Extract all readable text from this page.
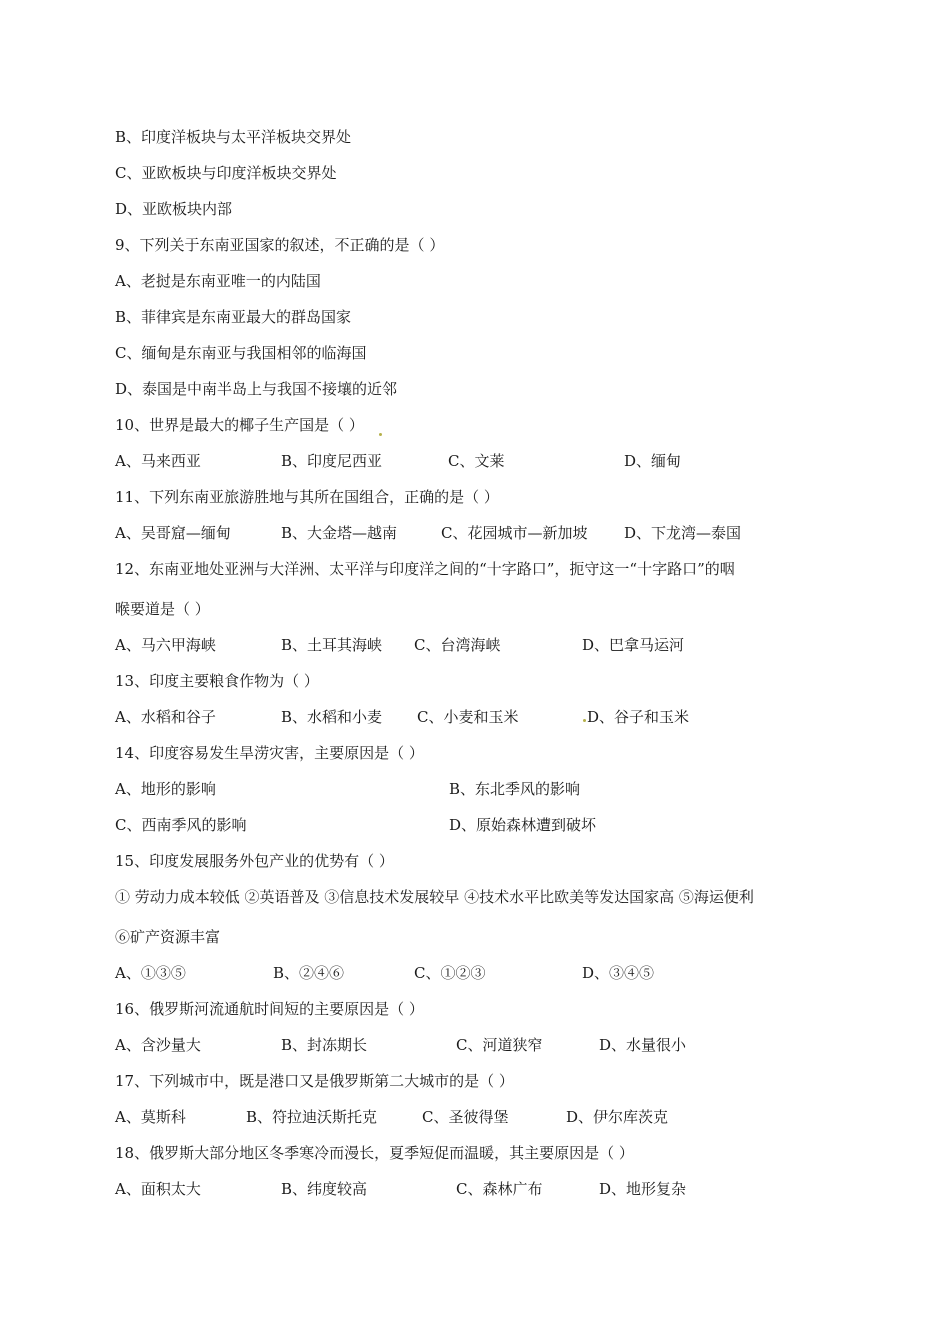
B、印度洋板块与太平洋板块交界处
C、亚欧板块与印度洋板块交界处
D、亚欧板块内部
9、下列关于东南亚国家的叙述，不正确的是（ ）
A、老挝是东南亚唯一的内陆国
B、菲律宾是东南亚最大的群岛国家
C、缅甸是东南亚与我国相邻的临海国
D、泰国是中南半岛上与我国不接壤的近邻
10、世界是最大的椰子生产国是（ ）
A、马来西亚	B、印度尼西亚	C、文莱	D、缅甸
11、下列东南亚旅游胜地与其所在国组合，正确的是（ ）
A、吴哥窟—缅甸	B、大金塔—越南	C、花园城市—新加坡 D、下龙湾—泰国
12、东南亚地处亚洲与大洋洲、太平洋与印度洋之间的“十字路口”，扼守这一“十字路口”的咽
喉要道是（ ）
A、马六甲海峡	B、土耳其海峡 C、台湾海峡	D、巴拿马运河
13、印度主要粮食作物为（ ）
A、水稻和谷子	B、水稻和小麦 C、小麦和玉米	D、谷子和玉米
14、印度容易发生旱涝灾害，主要原因是（ ）
A、地形的影响	B、东北季风的影响
C、西南季风的影响	D、原始森林遭到破坏
15、印度发展服务外包产业的优势有（ ）
① 劳动力成本较低 ②英语普及 ③信息技术发展较早 ④技术水平比欧美等发达国家高 ⑤海运便利
⑥矿产资源丰富
A、①③⑤	B、②④⑥	C、①②③	D、③④⑤
16、俄罗斯河流通航时间短的主要原因是（ ）
A、含沙量大	B、封冻期长	C、河道狭窄	D、水量很小
17、下列城市中，既是港口又是俄罗斯第二大城市的是（ ）
A、莫斯科	B、符拉迪沃斯托克	C、圣彼得堡	D、伊尔库茨克
18、俄罗斯大部分地区冬季寒冷而漫长，夏季短促而温暖，其主要原因是（ ）
A、面积太大	B、纬度较高	C、森林广布	D、地形复杂
